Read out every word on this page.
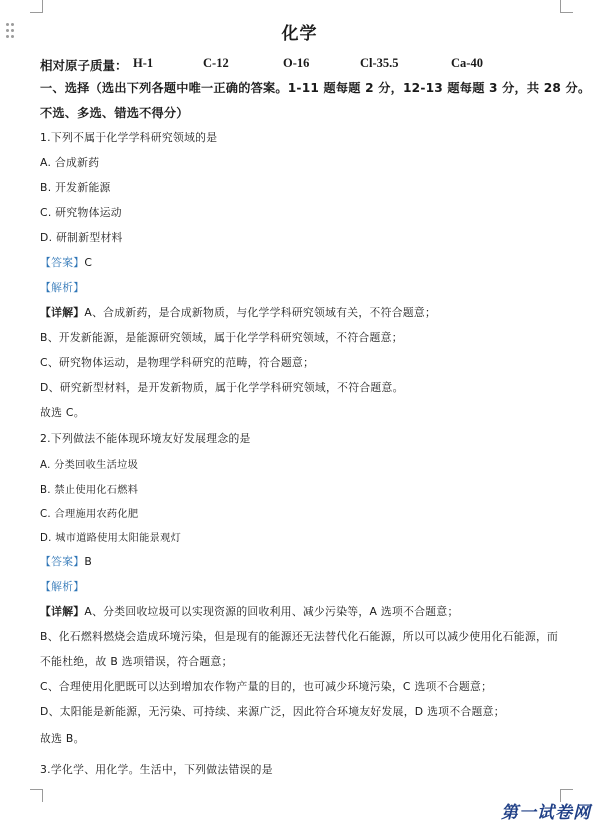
化学
相对原子质量： H-1	C-12	O-16	Cl-35.5	Ca-40
一、选择（选出下列各题中唯一正确的答案。1-11 题每题 2 分，12-13 题每题 3 分，共 28 分。
不选、多选、错选不得分）
1.下列不属于化学学科研究领域的是
A. 合成新药
B. 开发新能源
C. 研究物体运动
D. 研制新型材料
【答案】C
【解析】
【详解】A、合成新药，是合成新物质，与化学学科研究领域有关，不符合题意；
B、开发新能源，是能源研究领域，属于化学学科研究领域，不符合题意；
C、研究物体运动，是物理学科研究的范畴，符合题意；
D、研究新型材料，是开发新物质，属于化学学科研究领域，不符合题意。
故选 C。
2.下列做法不能体现环境友好发展理念的是
A. 分类回收生活垃圾
B. 禁止使用化石燃料
C. 合理施用农药化肥
D. 城市道路使用太阳能景观灯
【答案】B
【解析】
【详解】A、分类回收垃圾可以实现资源的回收利用、减少污染等，A 选项不合题意；
B、化石燃料燃烧会造成环境污染，但是现有的能源还无法替代化石能源，所以可以减少使用化石能源，而
不能杜绝，故 B 选项错误，符合题意；
C、合理使用化肥既可以达到增加农作物产量的目的，也可减少环境污染，C 选项不合题意；
D、太阳能是新能源，无污染、可持续、来源广泛，因此符合环境友好发展，D 选项不合题意；
故选 B。
3.学化学、用化学。生活中，下列做法错误的是
第一试卷网
